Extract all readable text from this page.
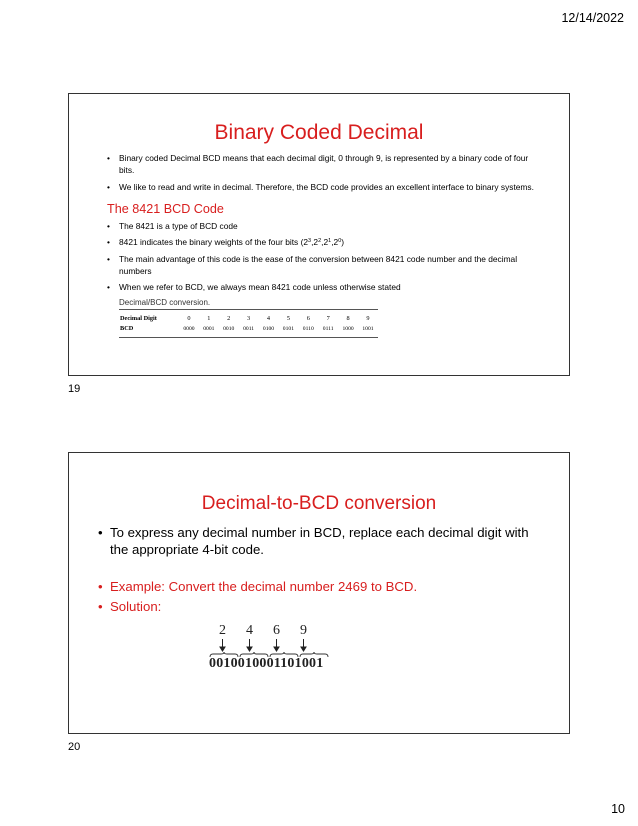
12/14/2022
Binary Coded Decimal
• Binary coded Decimal BCD means that each decimal digit, 0 through 9, is represented by a binary code of four bits.
• We like to read and write in decimal. Therefore, the BCD code provides an excellent interface to binary systems.
The 8421 BCD Code
• The 8421 is a type of BCD code
• 8421 indicates the binary weights of the four bits $(2^3,2^2,2^1,2^0)$
• The main advantage of this code is the ease of the conversion between 8421 code number and the decimal numbers
• When we refer to BCD, we always mean 8421 code unless otherwise stated
Decimal/BCD conversion.
Decimal Digit	0	1	2	3	4	5	6	7	8	9
BCD	0000	0001	0010	0011	0100	0101	0110	0111	1000	1001
19
Decimal-to-BCD conversion
• To express any decimal number in BCD, replace each decimal digit with the appropriate 4-bit code.
• Example: Convert the decimal number 2469 to BCD.
• Solution:
2	4	6	9
0010010001101001
20
10
